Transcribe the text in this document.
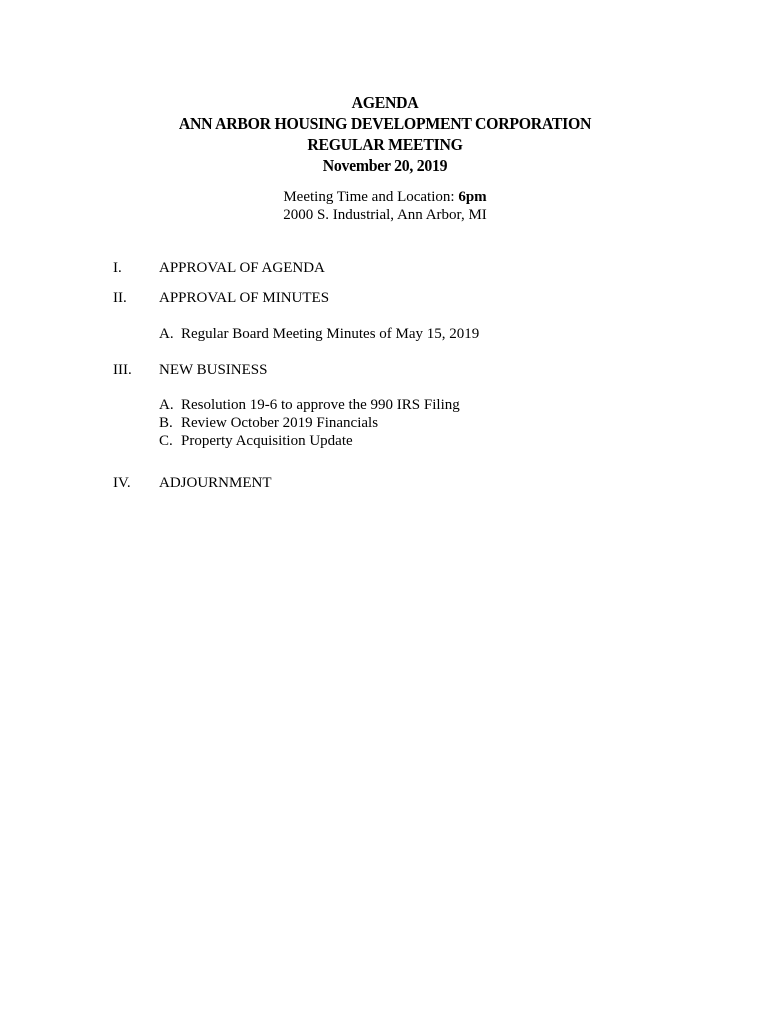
AGENDA
ANN ARBOR HOUSING DEVELOPMENT CORPORATION
REGULAR MEETING
November 20, 2019
Meeting Time and Location: 6pm
2000 S. Industrial, Ann Arbor, MI
I. APPROVAL OF AGENDA
II. APPROVAL OF MINUTES
A. Regular Board Meeting Minutes of May 15, 2019
III. NEW BUSINESS
A. Resolution 19-6 to approve the 990 IRS Filing
B. Review October 2019 Financials
C. Property Acquisition Update
IV. ADJOURNMENT
